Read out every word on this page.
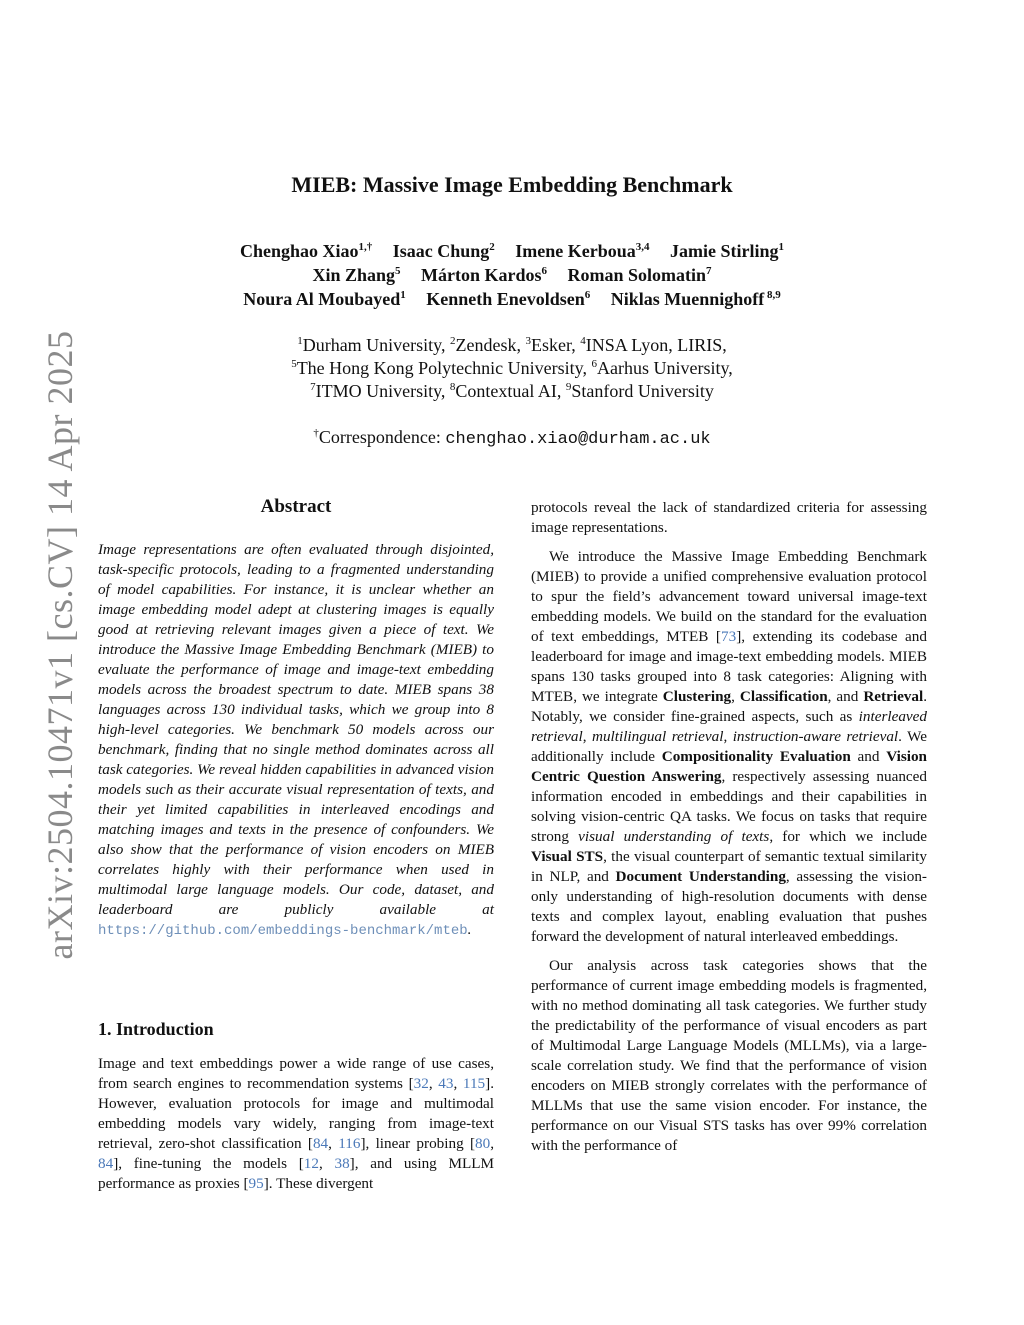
arXiv:2504.10471v1 [cs.CV] 14 Apr 2025
MIEB: Massive Image Embedding Benchmark
Chenghao Xiao$^{1,\dagger}$ Isaac Chung$^2$ Imene Kerboua$^{3,4}$ Jamie Stirling$^1$
Xin Zhang$^5$ Márton Kardos$^6$ Roman Solomatin$^7$
Noura Al Moubayed$^1$ Kenneth Enevoldsen$^6$ Niklas Muennighoff $^{8,9}$
$^1$Durham University, $^2$Zendesk, $^3$Esker, $^4$INSA Lyon, LIRIS,
$^5$The Hong Kong Polytechnic University, $^6$Aarhus University,
$^7$ITMO University, $^8$Contextual AI, $^9$Stanford University
†Correspondence: chenghao.xiao@durham.ac.uk
Abstract
Image representations are often evaluated through disjointed, task-specific protocols, leading to a fragmented understanding of model capabilities. For instance, it is unclear whether an image embedding model adept at clustering images is equally good at retrieving relevant images given a piece of text. We introduce the Massive Image Embedding Benchmark (MIEB) to evaluate the performance of image and image-text embedding models across the broadest spectrum to date. MIEB spans 38 languages across 130 individual tasks, which we group into 8 high-level categories. We benchmark 50 models across our benchmark, finding that no single method dominates across all task categories. We reveal hidden capabilities in advanced vision models such as their accurate visual representation of texts, and their yet limited capabilities in interleaved encodings and matching images and texts in the presence of confounders. We also show that the performance of vision encoders on MIEB correlates highly with their performance when used in multimodal large language models. Our code, dataset, and leaderboard are publicly available at https://github.com/embeddings-benchmark/mteb.
1. Introduction
Image and text embeddings power a wide range of use cases, from search engines to recommendation systems [32, 43, 115]. However, evaluation protocols for image and multimodal embedding models vary widely, ranging from image-text retrieval, zero-shot classification [84, 116], linear probing [80, 84], fine-tuning the models [12, 38], and using MLLM performance as proxies [95]. These divergent

protocols reveal the lack of standardized criteria for assessing image representations.

We introduce the Massive Image Embedding Benchmark (MIEB) to provide a unified comprehensive evaluation protocol to spur the field’s advancement toward universal image-text embedding models. We build on the standard for the evaluation of text embeddings, MTEB [73], extending its codebase and leaderboard for image and image-text embedding models. MIEB spans 130 tasks grouped into 8 task categories: Aligning with MTEB, we integrate Clustering, Classification, and Retrieval. Notably, we consider fine-grained aspects, such as interleaved retrieval, multilingual retrieval, instruction-aware retrieval. We additionally include Compositionality Evaluation and Vision Centric Question Answering, respectively assessing nuanced information encoded in embeddings and their capabilities in solving vision-centric QA tasks. We focus on tasks that require strong visual understanding of texts, for which we include Visual STS, the visual counterpart of semantic textual similarity in NLP, and Document Understanding, assessing the vision-only understanding of high-resolution documents with dense texts and complex layout, enabling evaluation that pushes forward the development of natural interleaved embeddings.

Our analysis across task categories shows that the performance of current image embedding models is fragmented, with no method dominating all task categories. We further study the predictability of the performance of visual encoders as part of Multimodal Large Language Models (MLLMs), via a large-scale correlation study. We find that the performance of vision encoders on MIEB strongly correlates with the performance of MLLMs that use the same vision encoder. For instance, the performance on our Visual STS tasks has over 99% correlation with the performance of
